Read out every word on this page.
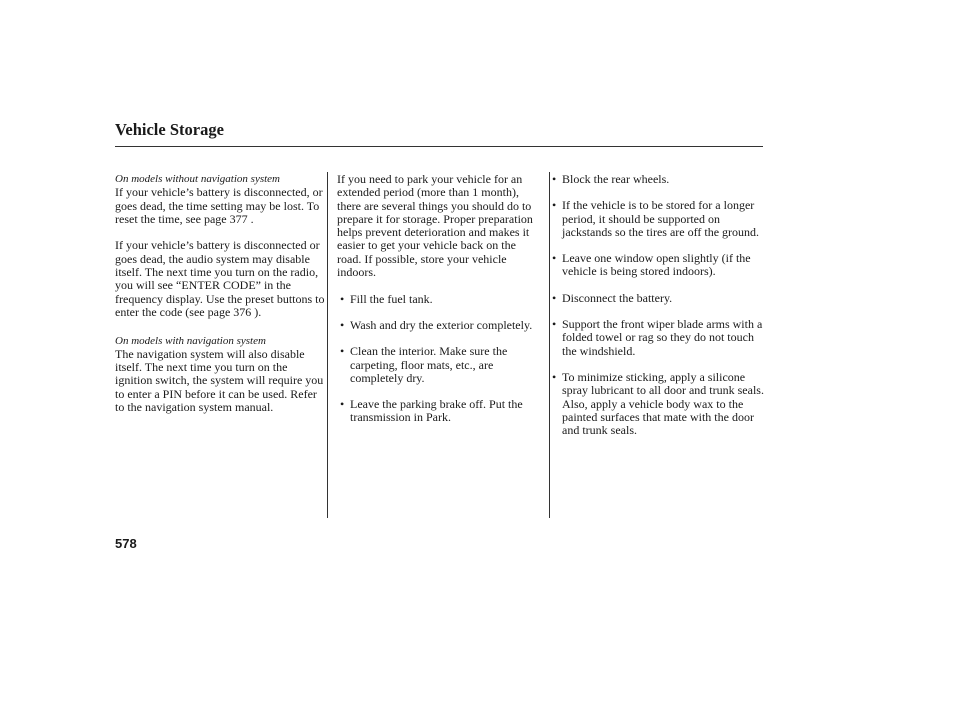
Vehicle Storage
On models without navigation system

If your vehicle’s battery is disconnected, or goes dead, the time setting may be lost. To reset the time, see page 377 .

If your vehicle’s battery is disconnected or goes dead, the audio system may disable itself. The next time you turn on the radio, you will see “ENTER CODE” in the frequency display. Use the preset buttons to enter the code (see page 376 ).

On models with navigation system

The navigation system will also disable itself. The next time you turn on the ignition switch, the system will require you to enter a PIN before it can be used. Refer to the navigation system manual.

If you need to park your vehicle for an extended period (more than 1 month), there are several things you should do to prepare it for storage. Proper preparation helps prevent deterioration and makes it easier to get your vehicle back on the road. If possible, store your vehicle indoors.

• Fill the fuel tank.

• Wash and dry the exterior completely.

• Clean the interior. Make sure the carpeting, floor mats, etc., are completely dry.

• Leave the parking brake off. Put the transmission in Park.

• Block the rear wheels.

• If the vehicle is to be stored for a longer period, it should be supported on jackstands so the tires are off the ground.

• Leave one window open slightly (if the vehicle is being stored indoors).

• Disconnect the battery.

• Support the front wiper blade arms with a folded towel or rag so they do not touch the windshield.

• To minimize sticking, apply a silicone spray lubricant to all door and trunk seals. Also, apply a vehicle body wax to the painted surfaces that mate with the door and trunk seals.

578
